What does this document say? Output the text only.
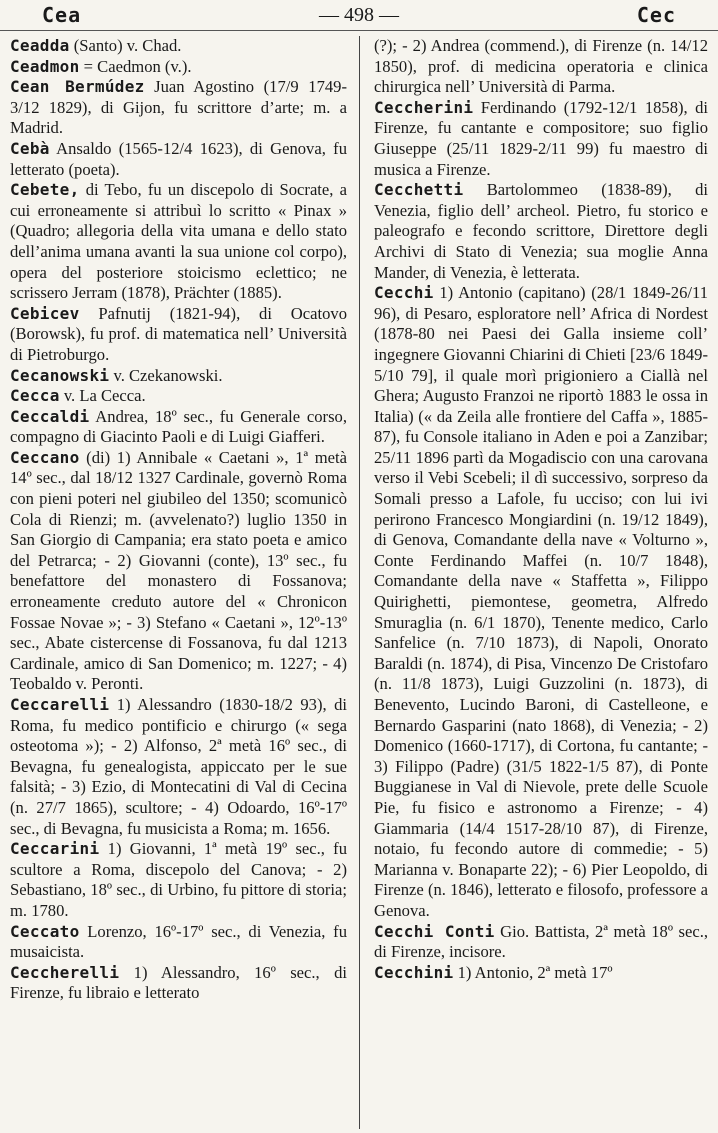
Cea	— 498 —	Cec

Ceadda (Santo) v. Chad.

Ceadmon = Caedmon (v.).

Cean Bermúdez Juan Agostino (17/9 1749-3/12 1829), di Gijon, fu scrittore d’arte; m. a Madrid.

Cebà Ansaldo (1565-12/4 1623), di Genova, fu letterato (poeta).

Cebete, di Tebo, fu un discepolo di Socrate, a cui erroneamente si attribuì lo scritto « Pinax » (Quadro; allegoria della vita umana e dello stato dell’anima umana avanti la sua unione col corpo), opera del posteriore stoicismo eclettico; ne scrissero Jerram (1878), Prächter (1885).

Cebicev Pafnutij (1821-94), di Ocatovo (Borowsk), fu prof. di matematica nell’ Università di Pietroburgo.

Cecanowski v. Czekanowski.

Cecca v. La Cecca.

Ceccaldi Andrea, 18º sec., fu Generale corso, compagno di Giacinto Paoli e di Luigi Giafferi.

Ceccano (di) 1) Annibale « Caetani », 1ª metà 14º sec., dal 18/12 1327 Cardinale, governò Roma con pieni poteri nel giubileo del 1350; scomunicò Cola di Rienzi; m. (avvelenato?) luglio 1350 in San Giorgio di Campania; era stato poeta e amico del Petrarca; - 2) Giovanni (conte), 13º sec., fu benefattore del monastero di Fossanova; erroneamente creduto autore del « Chronicon Fossae Novae »; - 3) Stefano « Caetani », 12º-13º sec., Abate cistercense di Fossanova, fu dal 1213 Cardinale, amico di San Domenico; m. 1227; - 4) Teobaldo v. Peronti.

Ceccarelli 1) Alessandro (1830-18/2 93), di Roma, fu medico pontificio e chirurgo (« sega osteotoma »); - 2) Alfonso, 2ª metà 16º sec., di Bevagna, fu genealogista, appiccato per le sue falsità; - 3) Ezio, di Montecatini di Val di Cecina (n. 27/7 1865), scultore; - 4) Odoardo, 16º-17º sec., di Bevagna, fu musicista a Roma; m. 1656.

Ceccarini 1) Giovanni, 1ª metà 19º sec., fu scultore a Roma, discepolo del Canova; - 2) Sebastiano, 18º sec., di Urbino, fu pittore di storia; m. 1780.

Ceccato Lorenzo, 16º-17º sec., di Venezia, fu musaicista.

Ceccherelli 1) Alessandro, 16º sec., di Firenze, fu libraio e letterato

(?); - 2) Andrea (commend.), di Firenze (n. 14/12 1850), prof. di medicina operatoria e clinica chirurgica nell’ Università di Parma.

Ceccherini Ferdinando (1792-12/1 1858), di Firenze, fu cantante e compositore; suo figlio Giuseppe (25/11 1829-2/11 99) fu maestro di musica a Firenze.

Cecchetti Bartolommeo (1838-89), di Venezia, figlio dell’ archeol. Pietro, fu storico e paleografo e fecondo scrittore, Direttore degli Archivi di Stato di Venezia; sua moglie Anna Mander, di Venezia, è letterata.

Cecchi 1) Antonio (capitano) (28/1 1849-26/11 96), di Pesaro, esploratore nell’ Africa di Nordest (1878-80 nei Paesi dei Galla insieme coll’ ingegnere Giovanni Chiarini di Chieti [23/6 1849-5/10 79], il quale morì prigioniero a Ciallà nel Ghera; Augusto Franzoi ne riportò 1883 le ossa in Italia) (« da Zeila alle frontiere del Caffa », 1885-87), fu Console italiano in Aden e poi a Zanzibar; 25/11 1896 partì da Mogadiscio con una carovana verso il Vebi Scebeli; il dì successivo, sorpreso da Somali presso a Lafole, fu ucciso; con lui ivi perirono Francesco Mongiardini (n. 19/12 1849), di Genova, Comandante della nave « Volturno », Conte Ferdinando Maffei (n. 10/7 1848), Comandante della nave « Staffetta », Filippo Quirighetti, piemontese, geometra, Alfredo Smuraglia (n. 6/1 1870), Tenente medico, Carlo Sanfelice (n. 7/10 1873), di Napoli, Onorato Baraldi (n. 1874), di Pisa, Vincenzo De Cristofaro (n. 11/8 1873), Luigi Guzzolini (n. 1873), di Benevento, Lucindo Baroni, di Castelleone, e Bernardo Gasparini (nato 1868), di Venezia; - 2) Domenico (1660-1717), di Cortona, fu cantante; - 3) Filippo (Padre) (31/5 1822-1/5 87), di Ponte Buggianese in Val di Nievole, prete delle Scuole Pie, fu fisico e astronomo a Firenze; - 4) Giammaria (14/4 1517-28/10 87), di Firenze, notaio, fu fecondo autore di commedie; - 5) Marianna v. Bonaparte 22); - 6) Pier Leopoldo, di Firenze (n. 1846), letterato e filosofo, professore a Genova.

Cecchi Conti Gio. Battista, 2ª metà 18º sec., di Firenze, incisore.

Cecchini 1) Antonio, 2ª metà 17º
